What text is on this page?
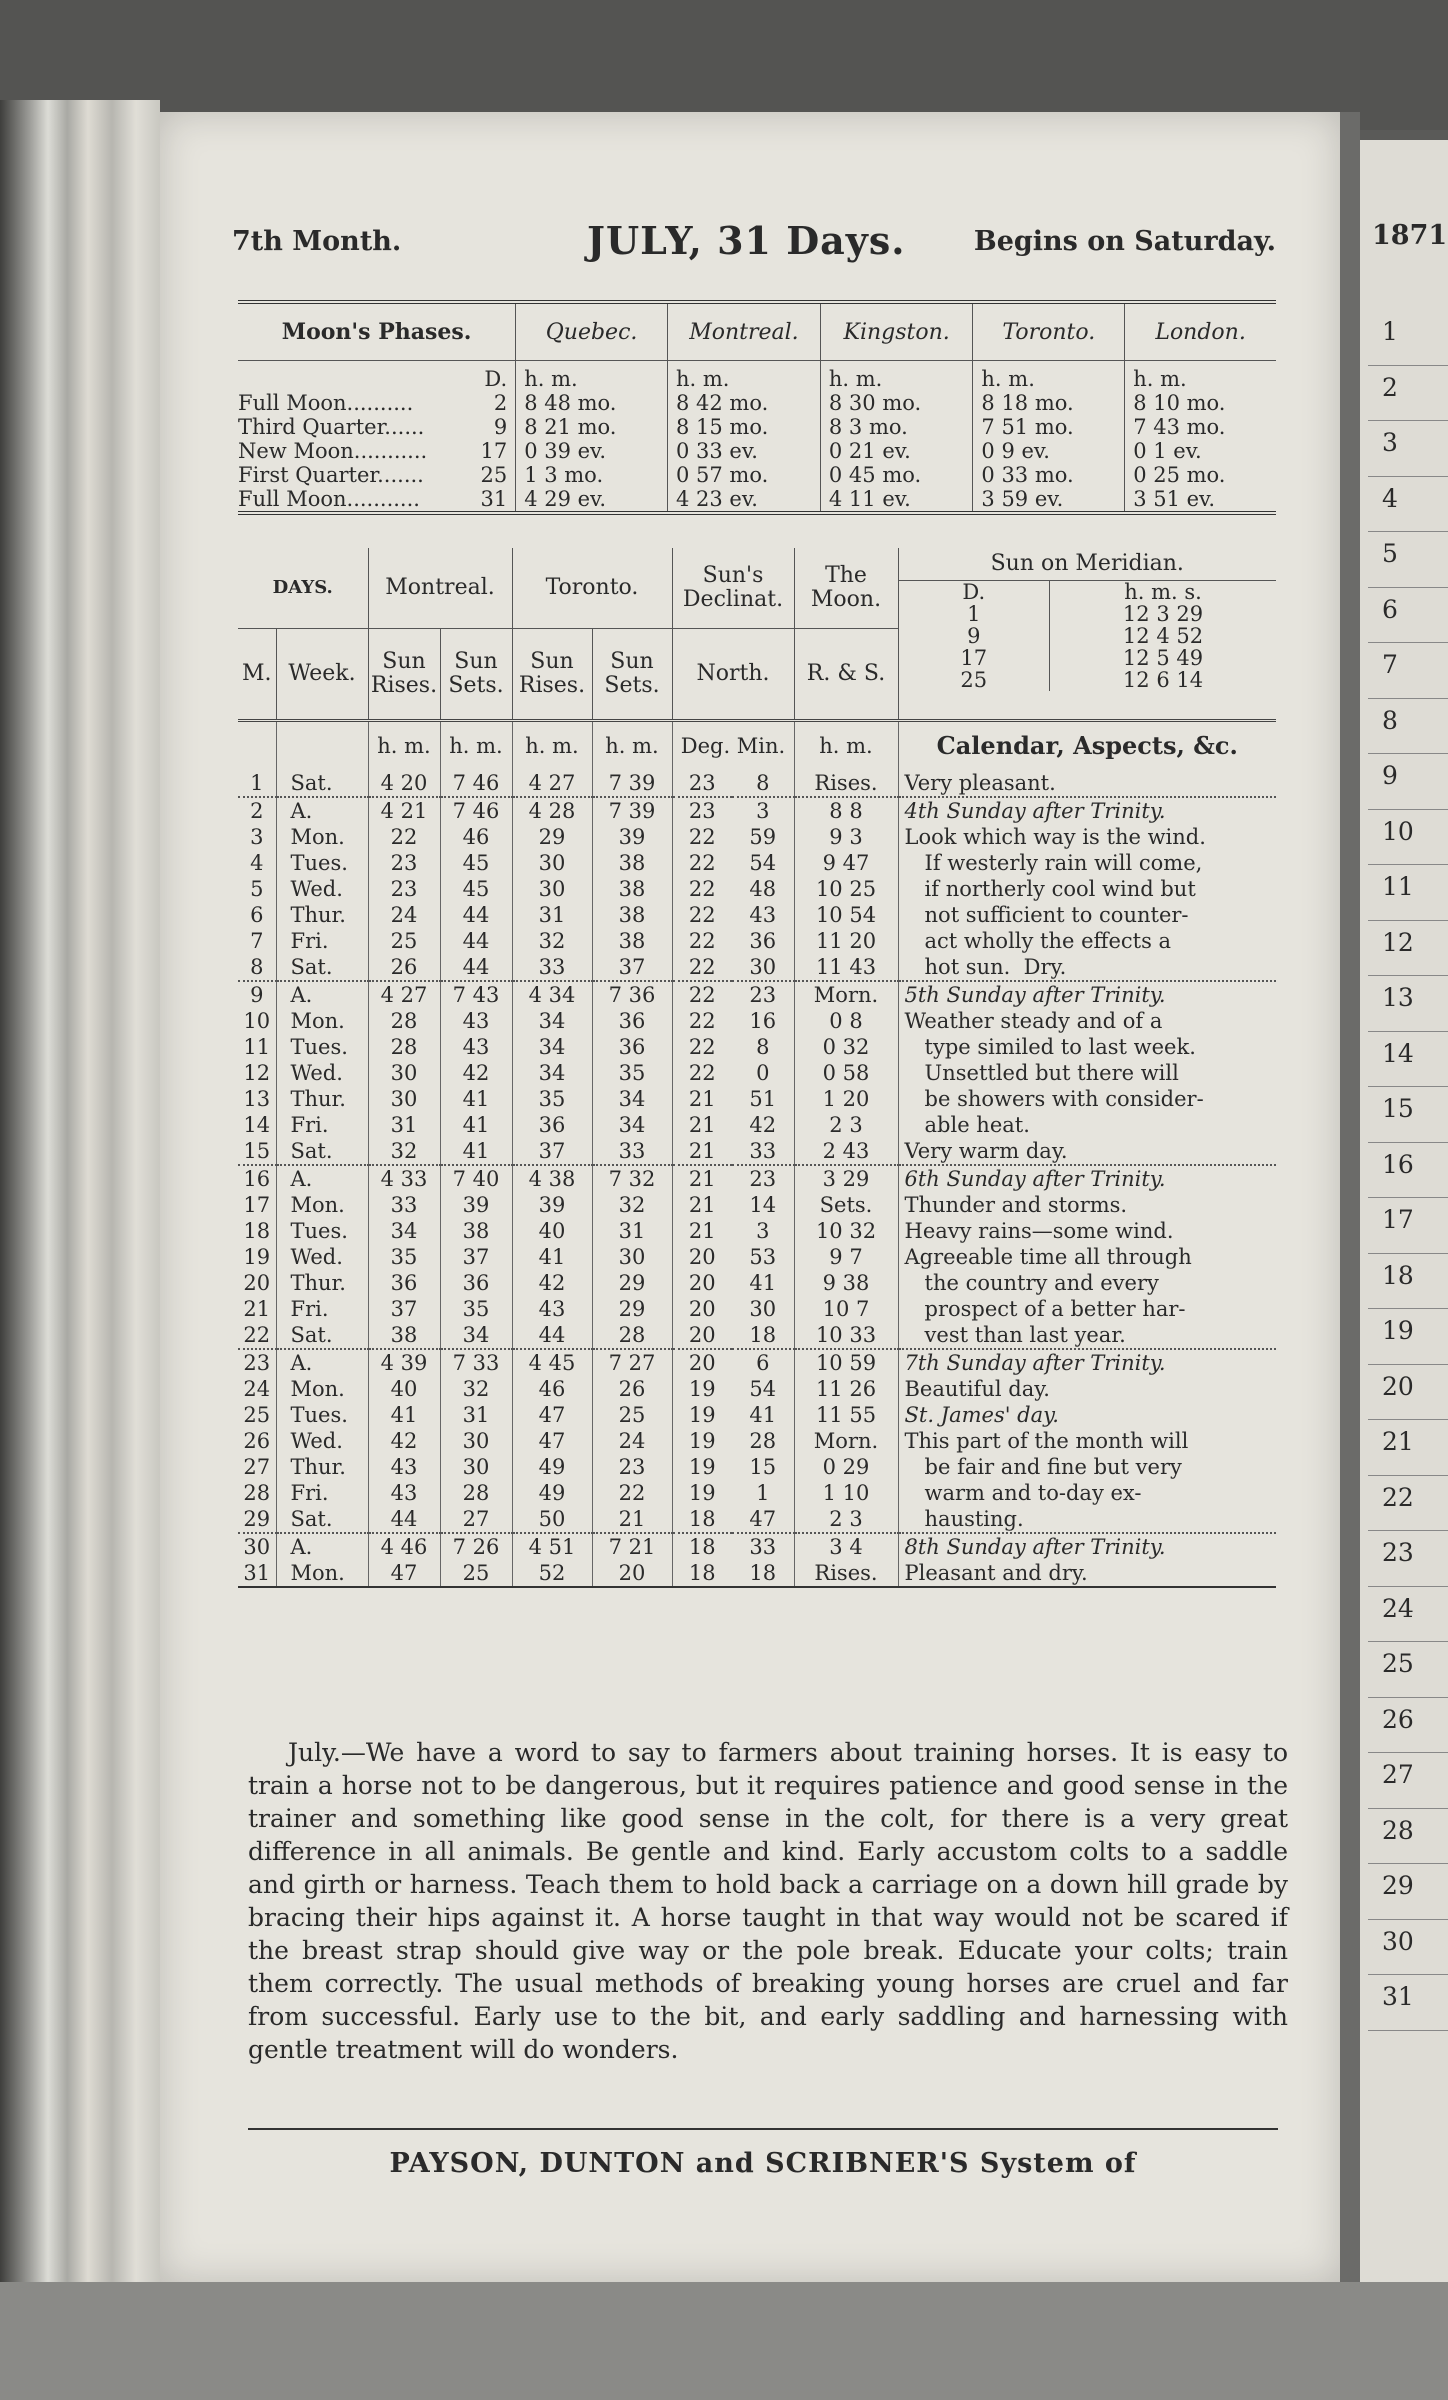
7th Month.	JULY, 31 Days.	Begins on Saturday.
Moon's Phases.		Quebec.	Montreal.	Kingston.	Toronto.	London.
	D.	h. m.	h. m.	h. m.	h. m.	h. m.
Full Moon..........	2	8 48 mo.	8 42 mo.	8 30 mo.	8 18 mo.	8 10 mo.
Third Quarter......	9	8 21 mo.	8 15 mo.	8 3 mo.	7 51 mo.	7 43 mo.
New Moon...........	17	0 39 ev.	0 33 ev.	0 21 ev.	0 9 ev.	0 1 ev.
First Quarter.......	25	1 3 mo.	0 57 mo.	0 45 mo.	0 33 mo.	0 25 mo.
Full Moon...........	31	4 29 ev.	4 23 ev.	4 11 ev.	3 59 ev.	3 51 ev.
DAYS.	Montreal.	Toronto.	Sun's Declinat.	The Moon.	
Sun on Meridian.
D.	h. m. s.
1	12 3 29
9	12 4 52
17	12 5 49
25	12 6 14

M.	Week.	Sun Rises.	Sun Sets.	Sun Rises.	Sun Sets.	North.	R. & S.
		h. m.	h. m.	h. m.	h. m.	Deg. Min.	h. m.	Calendar, Aspects, &c.
1	Sat.	4 20	7 46	4 27	7 39	23	8	Rises.	Very pleasant.
2	A.	4 21	7 46	4 28	7 39	23	3	8 8	4th Sunday after Trinity.
3	Mon.	22	46	29	39	22	59	9 3	Look which way is the wind.
4	Tues.	23	45	30	38	22	54	9 47	If westerly rain will come,
5	Wed.	23	45	30	38	22	48	10 25	if northerly cool wind but
6	Thur.	24	44	31	38	22	43	10 54	not sufficient to counter-
7	Fri.	25	44	32	38	22	36	11 20	act wholly the effects a
8	Sat.	26	44	33	37	22	30	11 43	hot sun.  Dry.
9	A.	4 27	7 43	4 34	7 36	22	23	Morn.	5th Sunday after Trinity.
10	Mon.	28	43	34	36	22	16	0 8	Weather steady and of a
11	Tues.	28	43	34	36	22	8	0 32	type similed to last week.
12	Wed.	30	42	34	35	22	0	0 58	Unsettled but there will
13	Thur.	30	41	35	34	21	51	1 20	be showers with consider-
14	Fri.	31	41	36	34	21	42	2 3	able heat.
15	Sat.	32	41	37	33	21	33	2 43	Very warm day.
16	A.	4 33	7 40	4 38	7 32	21	23	3 29	6th Sunday after Trinity.
17	Mon.	33	39	39	32	21	14	Sets.	Thunder and storms.
18	Tues.	34	38	40	31	21	3	10 32	Heavy rains—some wind.
19	Wed.	35	37	41	30	20	53	9 7	Agreeable time all through
20	Thur.	36	36	42	29	20	41	9 38	the country and every
21	Fri.	37	35	43	29	20	30	10 7	prospect of a better har-
22	Sat.	38	34	44	28	20	18	10 33	vest than last year.
23	A.	4 39	7 33	4 45	7 27	20	6	10 59	7th Sunday after Trinity.
24	Mon.	40	32	46	26	19	54	11 26	Beautiful day.
25	Tues.	41	31	47	25	19	41	11 55	St. James' day.
26	Wed.	42	30	47	24	19	28	Morn.	This part of the month will
27	Thur.	43	30	49	23	19	15	0 29	be fair and fine but very
28	Fri.	43	28	49	22	19	1	1 10	warm and to-day ex-
29	Sat.	44	27	50	21	18	47	2 3	hausting.
30	A.	4 46	7 26	4 51	7 21	18	33	3 4	8th Sunday after Trinity.
31	Mon.	47	25	52	20	18	18	Rises.	Pleasant and dry.
July.—We have a word to say to farmers about training horses. It is easy to train a horse not to be dangerous, but it requires patience and good sense in the trainer and something like good sense in the colt, for there is a very great difference in all animals. Be gentle and kind. Early accustom colts to a saddle and girth or harness. Teach them to hold back a carriage on a down hill grade by bracing their hips against it. A horse taught in that way would not be scared if the breast strap should give way or the pole break. Educate your colts; train them correctly. The usual methods of breaking young horses are cruel and far from successful. Early use to the bit, and early saddling and harnessing with gentle treatment will do wonders.
PAYSON, DUNTON and SCRIBNER'S System of
1871
1
2
3
4
5
6
7
8
9
10
11
12
13
14
15
16
17
18
19
20
21
22
23
24
25
26
27
28
29
30
31
